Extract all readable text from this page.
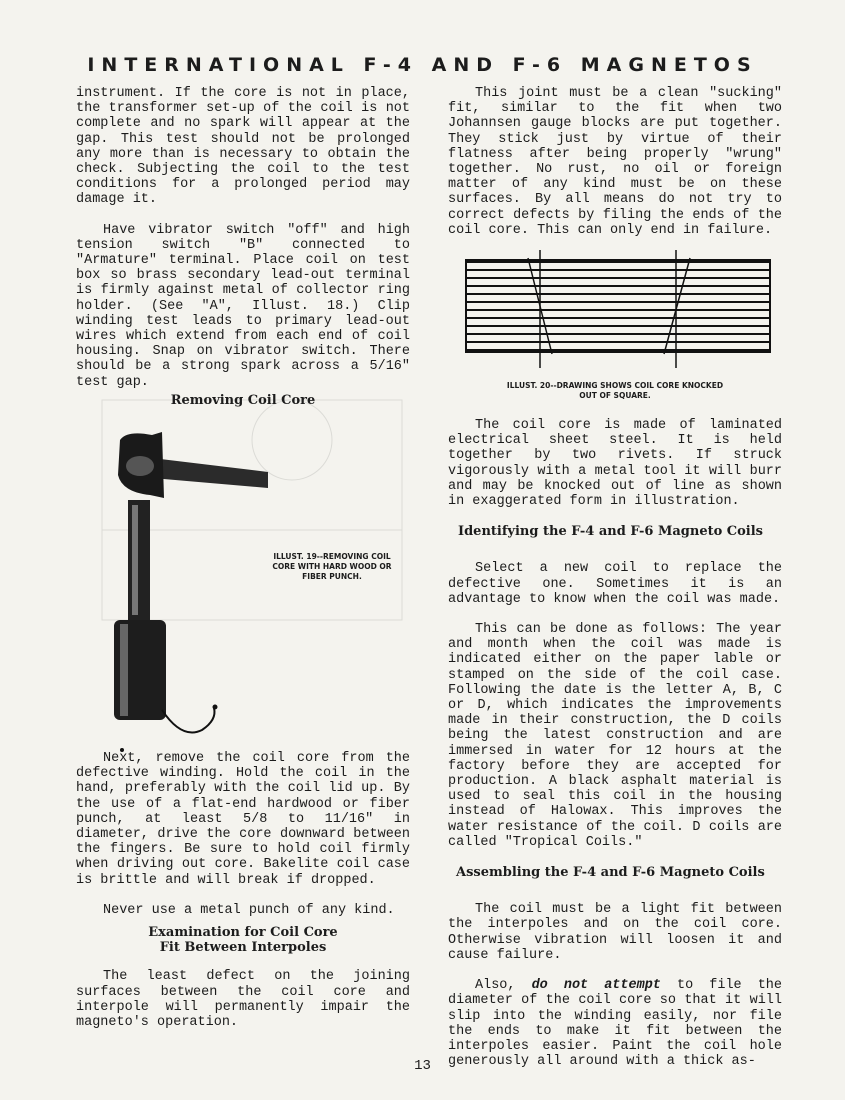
INTERNATIONAL F-4 AND F-6 MAGNETOS

instrument. If the core is not in place, the transformer set-up of the coil is not complete and no spark will appear at the gap. This test should not be prolonged any more than is necessary to obtain the check. Subjecting the coil to the test conditions for a prolonged period may damage it.

Have vibrator switch "off" and high tension switch "B" connected to "Armature" terminal. Place coil on test box so brass secondary lead-out terminal is firmly against metal of collector ring holder. (See "A", Illust. 18.) Clip winding test leads to primary lead-out wires which extend from each end of coil housing. Snap on vibrator switch. There should be a strong spark across a 5/16" test gap.

Removing Coil Core
ILLUST. 19--REMOVING COIL CORE WITH HARD WOOD OR FIBER PUNCH.

Next, remove the coil core from the defective winding. Hold the coil in the hand, preferably with the coil lid up. By the use of a flat-end hardwood or fiber punch, at least 5/8 to 11/16" in diameter, drive the core downward between the fingers. Be sure to hold coil firmly when driving out core. Bakelite coil case is brittle and will break if dropped.

Never use a metal punch of any kind.

Examination for Coil Core
Fit Between Interpoles

The least defect on the joining surfaces between the coil core and interpole will permanently impair the magneto's operation.

This joint must be a clean "sucking" fit, similar to the fit when two Johannsen gauge blocks are put together. They stick just by virtue of their flatness after being properly "wrung" together. No rust, no oil or foreign matter of any kind must be on these surfaces. By all means do not try to correct defects by filing the ends of the coil core. This can only end in failure.

ILLUST. 20--DRAWING SHOWS COIL CORE KNOCKED OUT OF SQUARE.

The coil core is made of laminated electrical sheet steel. It is held together by two rivets. If struck vigorously with a metal tool it will burr and may be knocked out of line as shown in exaggerated form in illustration.

Identifying the F-4 and F-6 Magneto Coils

Select a new coil to replace the defective one. Sometimes it is an advantage to know when the coil was made.

This can be done as follows: The year and month when the coil was made is indicated either on the paper lable or stamped on the side of the coil case. Following the date is the letter A, B, C or D, which indicates the improvements made in their construction, the D coils being the latest construction and are immersed in water for 12 hours at the factory before they are accepted for production. A black asphalt material is used to seal this coil in the housing instead of Halowax. This improves the water resistance of the coil. D coils are called "Tropical Coils."

Assembling the F-4 and F-6 Magneto Coils

The coil must be a light fit between the interpoles and on the coil core. Otherwise vibration will loosen it and cause failure.

Also, do not attempt to file the diameter of the coil core so that it will slip into the winding easily, nor file the ends to make it fit between the interpoles easier. Paint the coil hole generously all around with a thick as-

13
